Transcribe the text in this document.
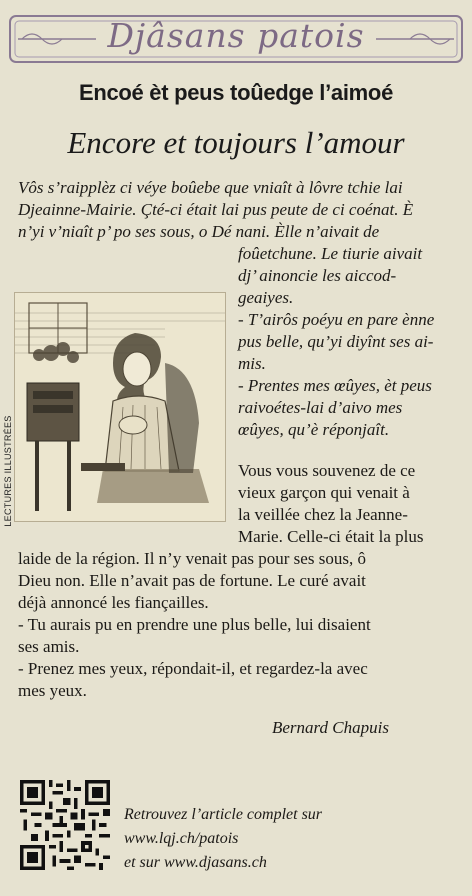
Djâsans patois
Encoé èt peus toûedge l’aimoé
Encore et toujours l’amour
Vôs s’raipplèz ci véye boûebe que vniaît à lôvre tchie lai
Djeainne-Mairie. Çté-ci était lai pus peute de ci coénat. È
n’yi v’niaît p’ po ses sous, o Dé nani. Èlle n’aivait de
foûetchune. Le tiurie aivait
dj’ ainoncie les aiccod-
geaiyes.
- T’airôs poéyu en pare ènne
pus belle, qu’yi diyînt ses ai-
mis.
- Prentes mes œûyes, èt peus
raivoétes-lai d’aivo mes
œûyes, qu’è réponjaît.
LECTURES ILLUSTRÉES	Vous vous souvenez de ce
vieux garçon qui venait à
la veillée chez la Jeanne-
Marie. Celle-ci était la plus
laide de la région. Il n’y venait pas pour ses sous, ô
Dieu non. Elle n’avait pas de fortune. Le curé avait
déjà annoncé les fiançailles.
- Tu aurais pu en prendre une plus belle, lui disaient
ses amis.
- Prenez mes yeux, répondait-il, et regardez-la avec
mes yeux.
Bernard Chapuis
Retrouvez l’article complet sur
www.lqj.ch/patois
et sur www.djasans.ch
